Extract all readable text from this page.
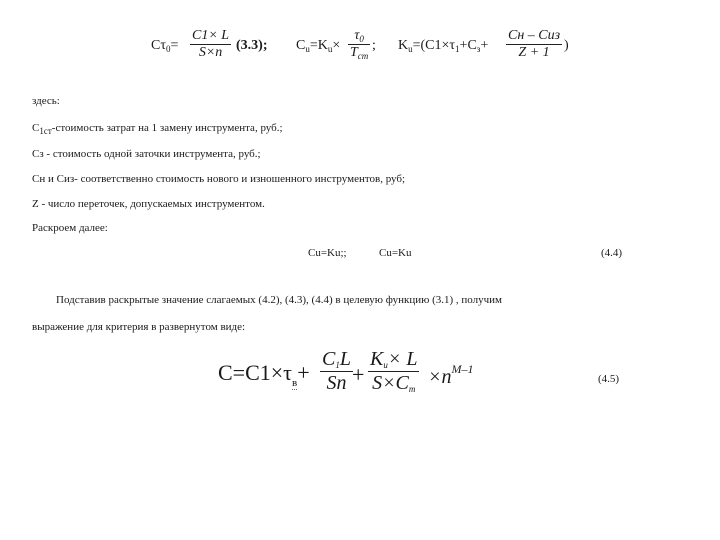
$C\tau_0= \frac{C1\times L}{S\times n} (3.3)$; $C_u=K_u\times$
$\tau_0$
$T_{ст}$
; $K_u=(C1\times\tau_1+C_з+$
Cн – Cиз
Z + 1	)
здесь:
$C_{1ст}$-стоимость затрат на 1 замену инструмента, руб.;
Cз - стоимость одной заточки инструмента, руб.;
Cн и Cиз- соответственно стоимость нового и изношенного инструментов, руб;
Z - число переточек, допускаемых инструментом.
Раскроем далее:
Cu=Ku;;	Cu=Ku	(4.4)
Подставив раскрытые значение слагаемых (4.2), (4.3), (4.4) в целевую функцию (3.1) , получим
выражение для критерия в развернутом виде:
$C=C1\times\tau_в+ \frac{C_1L}{Sn}$ +
$K_u\times L$
$S\times C_т$
$\times n^{M-1}$
(4.5)
